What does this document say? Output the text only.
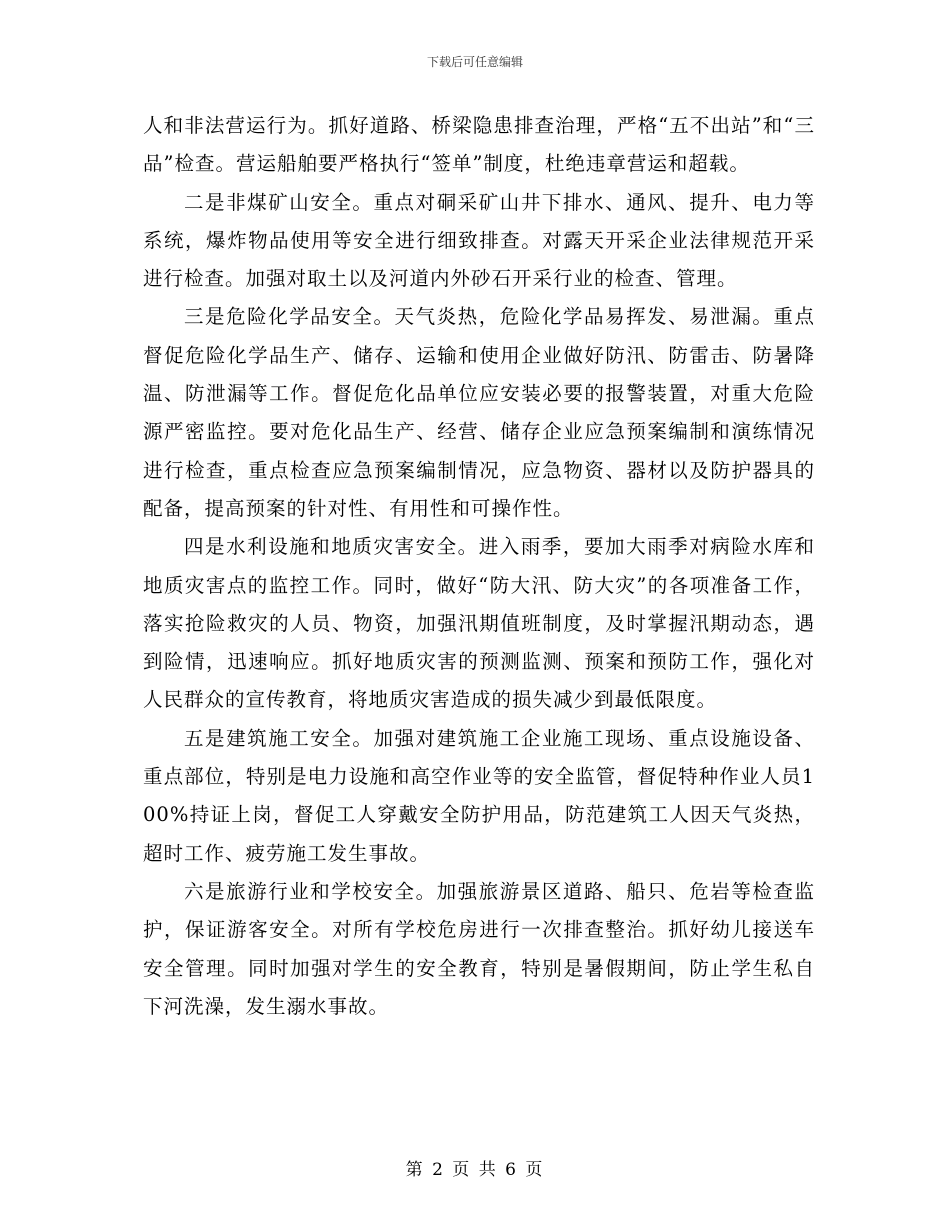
下载后可任意编辑

人和非法营运行为。抓好道路、桥梁隐患排查治理，严格“五不出站”和“三品”检查。营运船舶要严格执行“签单”制度，杜绝违章营运和超载。

二是非煤矿山安全。重点对硐采矿山井下排水、通风、提升、电力等系统，爆炸物品使用等安全进行细致排查。对露天开采企业法律规范开采进行检查。加强对取土以及河道内外砂石开采行业的检查、管理。

三是危险化学品安全。天气炎热，危险化学品易挥发、易泄漏。重点督促危险化学品生产、储存、运输和使用企业做好防汛、防雷击、防暑降温、防泄漏等工作。督促危化品单位应安装必要的报警装置，对重大危险源严密监控。要对危化品生产、经营、储存企业应急预案编制和演练情况进行检查，重点检查应急预案编制情况，应急物资、器材以及防护器具的配备，提高预案的针对性、有用性和可操作性。

四是水利设施和地质灾害安全。进入雨季，要加大雨季对病险水库和地质灾害点的监控工作。同时，做好“防大汛、防大灾”的各项准备工作，落实抢险救灾的人员、物资，加强汛期值班制度，及时掌握汛期动态，遇到险情，迅速响应。抓好地质灾害的预测监测、预案和预防工作，强化对人民群众的宣传教育，将地质灾害造成的损失减少到最低限度。

五是建筑施工安全。加强对建筑施工企业施工现场、重点设施设备、重点部位，特别是电力设施和高空作业等的安全监管，督促特种作业人员100%持证上岗，督促工人穿戴安全防护用品，防范建筑工人因天气炎热，超时工作、疲劳施工发生事故。

六是旅游行业和学校安全。加强旅游景区道路、船只、危岩等检查监护，保证游客安全。对所有学校危房进行一次排查整治。抓好幼儿接送车安全管理。同时加强对学生的安全教育，特别是暑假期间，防止学生私自下河洗澡，发生溺水事故。

第 2 页 共 6 页
